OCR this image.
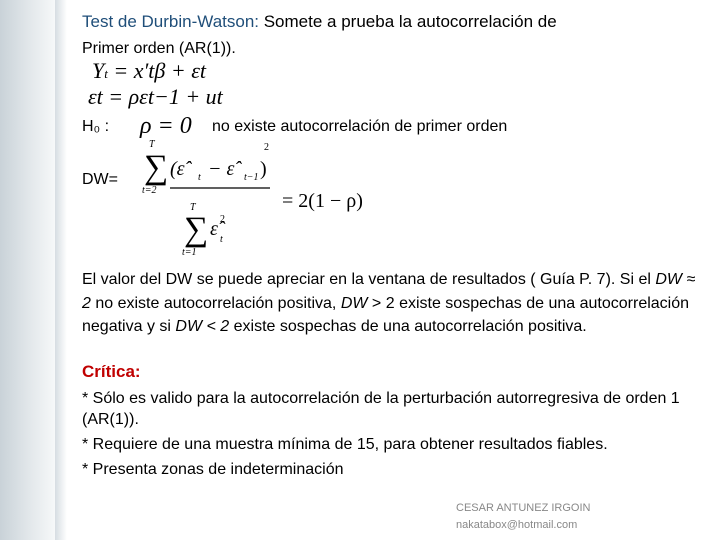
Test de Durbin-Watson: Somete a prueba la autocorrelación de
Primer orden (AR(1)).
Yt = x′tβ + εt
εt = ρεt−1 + ut
H₀ : ρ = 0 no existe autocorrelación de primer orden
DW=
T
∑
t=2
(ε̂	t − ε̂ t−1 )
2
T
∑
t=1
ε̂ 2
t
= 2(1 − ρ)
El valor del DW se puede apreciar en la ventana de resultados ( Guía P. 7). Si el DW ≈ 2 no existe autocorrelación positiva, DW > 2 existe sospechas de una autocorrelación negativa y si DW < 2 existe sospechas de una autocorrelación positiva.
Crítica:
* Sólo es valido para la autocorrelación de la perturbación autorregresiva de orden 1 (AR(1)).
* Requiere de una muestra mínima de 15, para obtener resultados fiables.
* Presenta zonas de indeterminación
CESAR ANTUNEZ IRGOIN
nakatabox@hotmail.com
